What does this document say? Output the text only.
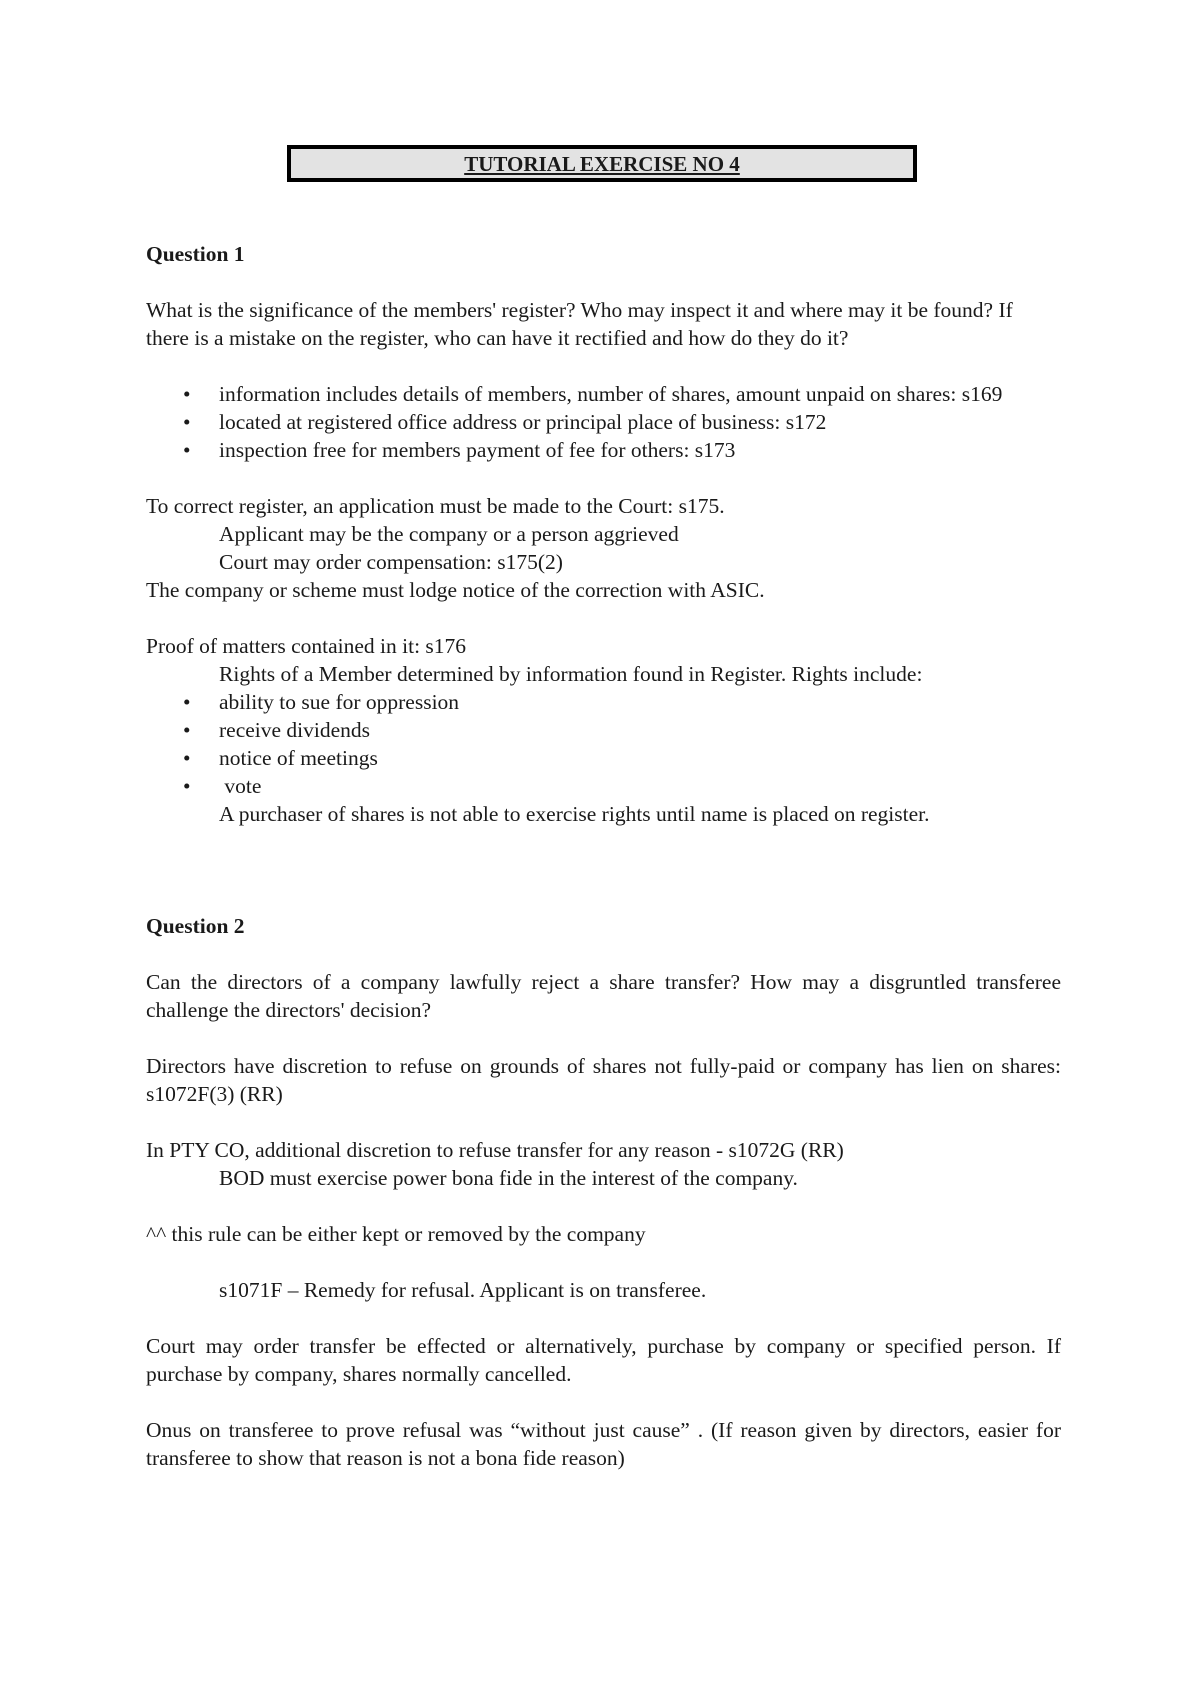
TUTORIAL EXERCISE NO 4

Question 1

What is the significance of the members' register? Who may inspect it and where may it be found? If there is a mistake on the register, who can have it rectified and how do they do it?

• information includes details of members, number of shares, amount unpaid on shares: s169
• located at registered office address or principal place of business: s172
• inspection free for members payment of fee for others: s173

To correct register, an application must be made to the Court: s175.

Applicant may be the company or a person aggrieved

Court may order compensation: s175(2)

The company or scheme must lodge notice of the correction with ASIC.

Proof of matters contained in it: s176

Rights of a Member determined by information found in Register. Rights include:

• ability to sue for oppression
• receive dividends
• notice of meetings
•  vote

A purchaser of shares is not able to exercise rights until name is placed on register.

Question 2

Can the directors of a company lawfully reject a share transfer? How may a disgruntled transferee challenge the directors' decision?

Directors have discretion to refuse on grounds of shares not fully-paid or company has lien on shares: s1072F(3) (RR)

In PTY CO, additional discretion to refuse transfer for any reason - s1072G (RR)

BOD must exercise power bona fide in the interest of the company.

^^ this rule can be either kept or removed by the company

s1071F – Remedy for refusal. Applicant is on transferee.

Court may order transfer be effected or alternatively, purchase by company or specified person. If purchase by company, shares normally cancelled.

Onus on transferee to prove refusal was “without just cause” . (If reason given by directors, easier for transferee to show that reason is not a bona fide reason)
